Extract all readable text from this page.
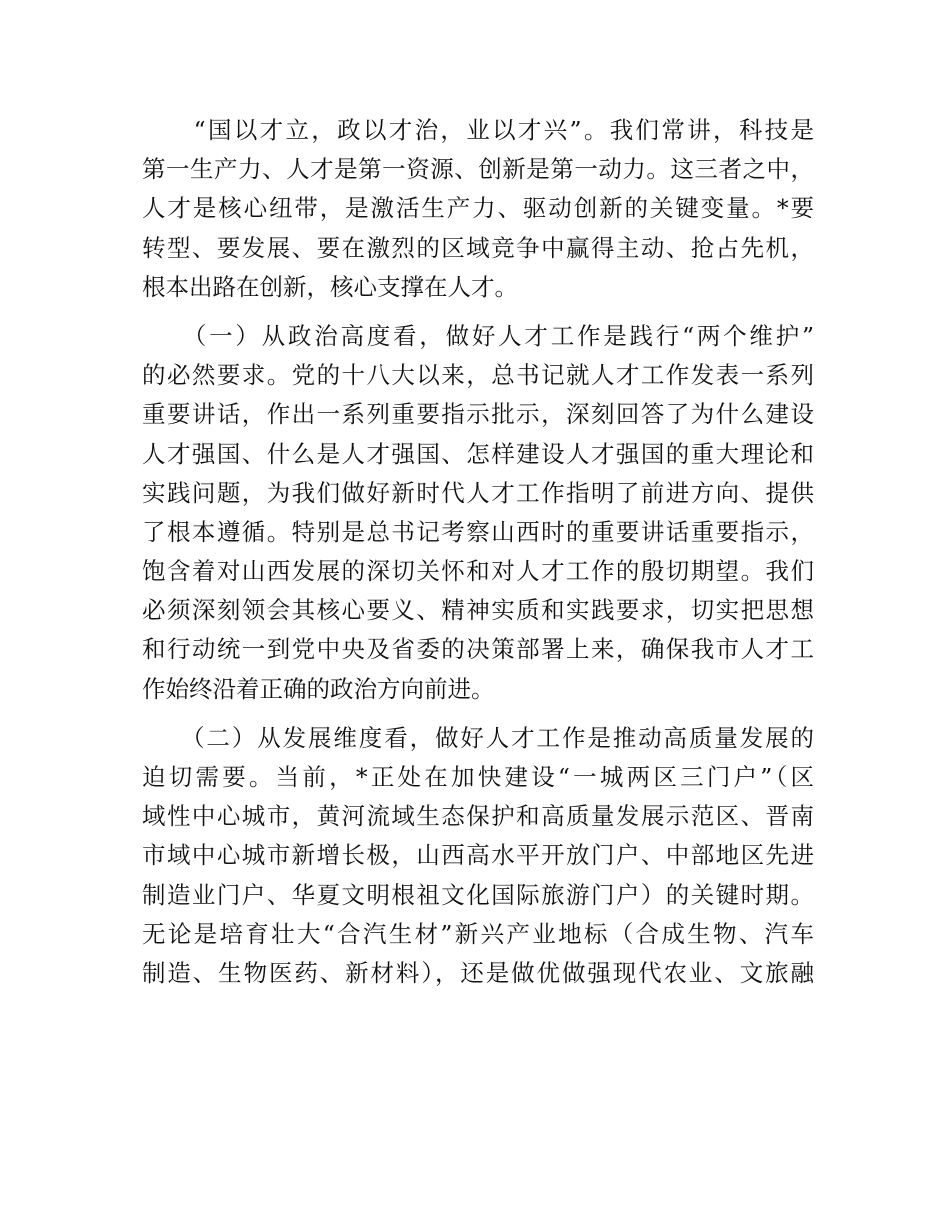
　　“国以才立，政以才治，业以才兴”。我们常讲，科技是
第一生产力、人才是第一资源、创新是第一动力。这三者之中，
人才是核心纽带，是激活生产力、驱动创新的关键变量。*要
转型、要发展、要在激烈的区域竞争中赢得主动、抢占先机，
根本出路在创新，核心支撑在人才。
　　（一）从政治高度看，做好人才工作是践行“两个维护”
的必然要求。党的十八大以来，总书记就人才工作发表一系列
重要讲话，作出一系列重要指示批示，深刻回答了为什么建设
人才强国、什么是人才强国、怎样建设人才强国的重大理论和
实践问题，为我们做好新时代人才工作指明了前进方向、提供
了根本遵循。特别是总书记考察山西时的重要讲话重要指示，
饱含着对山西发展的深切关怀和对人才工作的殷切期望。我们
必须深刻领会其核心要义、精神实质和实践要求，切实把思想
和行动统一到党中央及省委的决策部署上来，确保我市人才工
作始终沿着正确的政治方向前进。
　　（二）从发展维度看，做好人才工作是推动高质量发展的
迫切需要。当前，*正处在加快建设“一城两区三门户”（区
域性中心城市，黄河流域生态保护和高质量发展示范区、晋南
市域中心城市新增长极，山西高水平开放门户、中部地区先进
制造业门户、华夏文明根祖文化国际旅游门户）的关键时期。
无论是培育壮大“合汽生材”新兴产业地标（合成生物、汽车
制造、生物医药、新材料），还是做优做强现代农业、文旅融
